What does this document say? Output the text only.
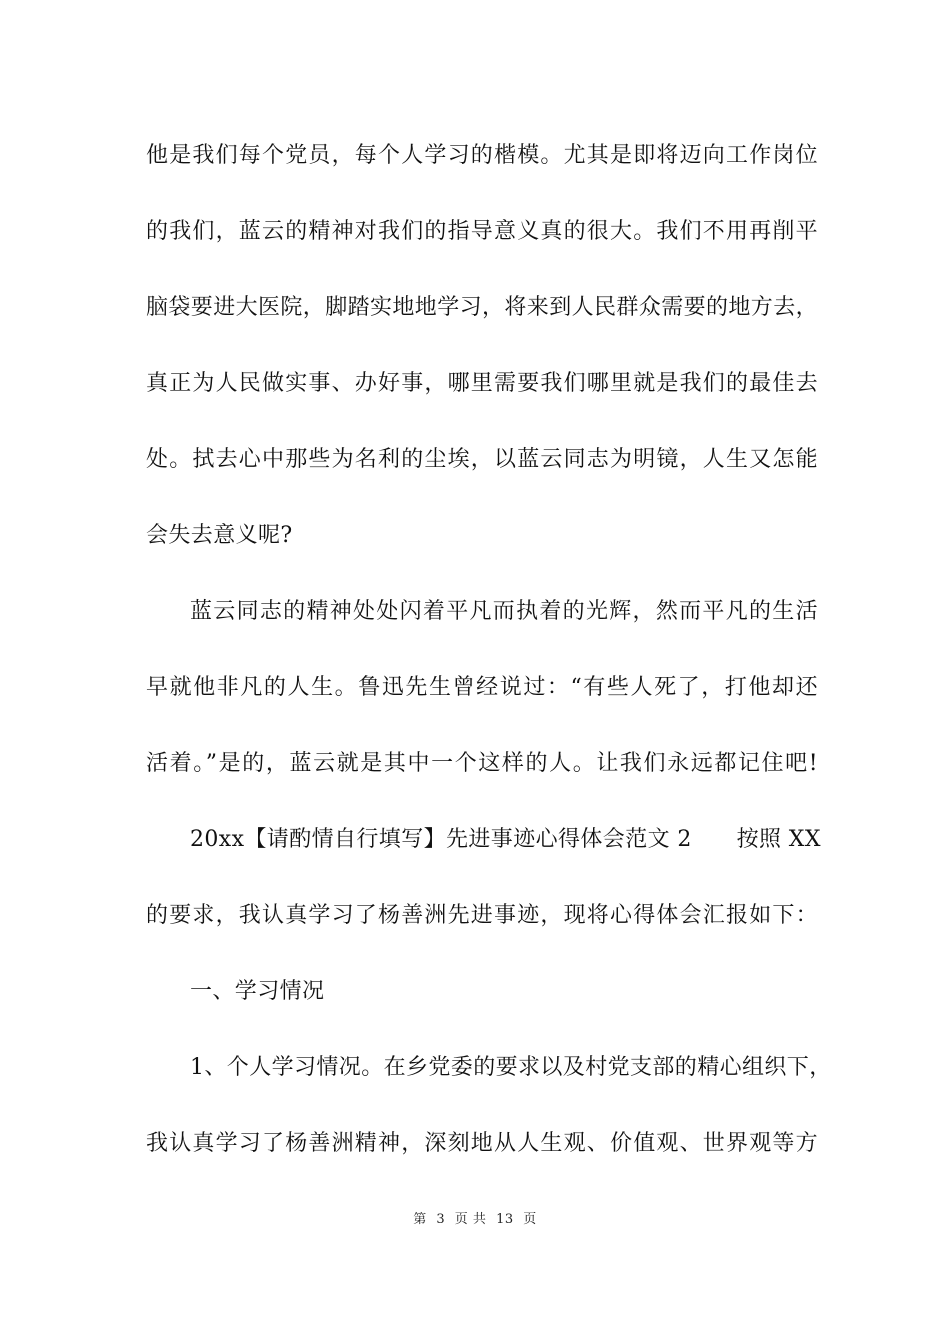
他是我们每个党员，每个人学习的楷模。尤其是即将迈向工作岗位
的我们，蓝云的精神对我们的指导意义真的很大。我们不用再削平
脑袋要进大医院，脚踏实地地学习，将来到人民群众需要的地方去，
真正为人民做实事、办好事，哪里需要我们哪里就是我们的最佳去
处。拭去心中那些为名利的尘埃，以蓝云同志为明镜，人生又怎能
会失去意义呢?
蓝云同志的精神处处闪着平凡而执着的光辉，然而平凡的生活
早就他非凡的人生。鲁迅先生曾经说过：“有些人死了，打他却还
活着。”是的，蓝云就是其中一个这样的人。让我们永远都记住吧!
20xx【请酌情自行填写】先进事迹心得体会范文 2　　按照 XX
的要求，我认真学习了杨善洲先进事迹，现将心得体会汇报如下：
一、学习情况
1、个人学习情况。在乡党委的要求以及村党支部的精心组织下，
我认真学习了杨善洲精神，深刻地从人生观、价值观、世界观等方
第 3 页 共 13 页
